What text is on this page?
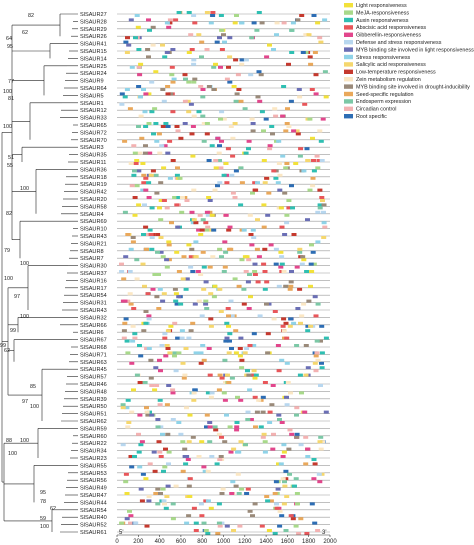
82
62
64
95
77
100
81
100
51
55
100
82
79
100
100
97
100
99
99
62
85
97
100
88 100
100
59
78
62
95
100
SlSAUR27
SlSAUR28
SlSAUR29
SlSAUR26
SlSAUR41
SlSAUR15
SlSAUR14
SlSAUR25
SlSAUR24
SlSAUR9
SlSAUR64
SlSAUR5
SlSAUR1
SlSAUR12
SlSAUR33
SlSAUR65
SlSAUR72
SlSAUR70
SlSAUR3
SlSAUR35
SlSAUR11
SlSAUR36
SlSAUR18
SlSAUR19
SlSAUR42
SlSAUR20
SlSAUR58
SlSAUR4
SlSAUR69
SlSAUR10
SlSAUR43
SlSAUR21
SlSAUR8
SlSAUR7
SlSAUR30
SlSAUR37
SlSAUR16
SlSAUR17
SlSAUR54
SlSAUR31
SlSAUR43
SlSAUR32
SlSAUR66
SlSAUR6
SlSAUR67
SlSAUR68
SlSAUR71
SlSAUR63
SlSAUR45
SlSAUR57
SlSAUR46
SlSAUR48
SlSAUR39
SlSAUR50
SlSAUR51
SlSAUR62
SlSAUR59
SlSAUR60
SlSAUR22
SlSAUR34
SlSAUR23
SlSAUR55
SlSAUR53
SlSAUR56
SlSAUR49
SlSAUR47
SlSAUR44
SlSAUR54
SlSAUR40
SlSAUR52
SlSAUR61
0 200 400 600 800 1000 1200 1400 1600 1800 2000
5'	3'
Light responsiveness
MeJA-responsiveness
Auxin responsiveness
Abscisic acid responsiveness
Gibberellin-responsiveness
Defense and stress responsiveness
MYB binding site involved in light responsiveness
Stress responsiveness
Salicylic acid responsiveness
Low-temperature responsiveness
Zein metabolism regulation
MYB binding site involved in drought-inducibility
Seed-specific regulation
Endosperm expression
Circadian control
Root specific
